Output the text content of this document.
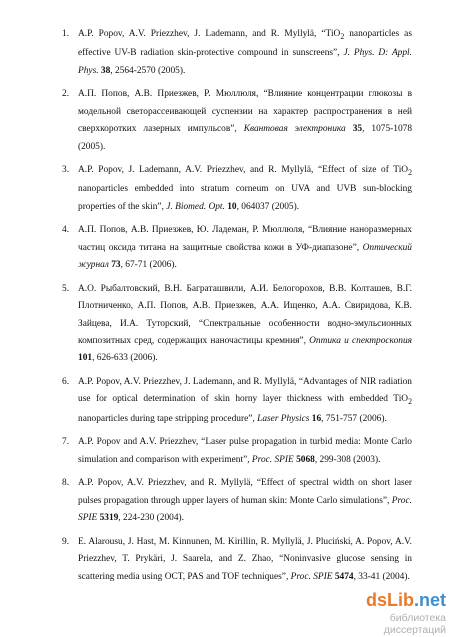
1. A.P. Popov, A.V. Priezzhev, J. Lademann, and R. Myllylä, “TiO$_2$ nanoparticles as effective UV-B radiation skin-protective compound in sunscreens”, J. Phys. D: Appl. Phys. 38, 2564-2570 (2005).
2. А.П. Попов, А.В. Приезжев, Р. Мюллюля, “Влияние концентрации глюкозы в модельной светорассеивающей суспензии на характер распространения в ней сверхкоротких лазерных импульсов”, Квантовая электроника 35, 1075-1078 (2005).
3. A.P. Popov, J. Lademann, A.V. Priezzhev, and R. Myllylä, “Effect of size of TiO$_2$ nanoparticles embedded into stratum corneum on UVA and UVB sun-blocking properties of the skin”, J. Biomed. Opt. 10, 064037 (2005).
4. А.П. Попов, А.В. Приезжев, Ю. Ладеман, Р. Мюллюля, “Влияние наноразмерных частиц оксида титана на защитные свойства кожи в УФ-диапазоне”, Оптический журнал 73, 67-71 (2006).
5. А.О. Рыбалтовский, В.Н. Баграташвили, А.И. Белогорохов, В.В. Колташев, В.Г. Плотниченко, А.П. Попов, А.В. Приезжев, А.А. Ищенко, А.А. Свиридова, К.В. Зайцева, И.А. Туторский, “Спектральные особенности водно-эмульсионных композитных сред, содержащих наночастицы кремния”, Оптика и спектроскопия 101, 626-633 (2006).
6. A.P. Popov, A.V. Priezzhev, J. Lademann, and R. Myllylä, “Advantages of NIR radiation use for optical determination of skin horny layer thickness with embedded TiO$_2$ nanoparticles during tape stripping procedure”, Laser Physics 16, 751-757 (2006).
7. A.P. Popov and A.V. Priezzhev, “Laser pulse propagation in turbid media: Monte Carlo simulation and comparison with experiment”, Proc. SPIE 5068, 299-308 (2003).
8. A.P. Popov, A.V. Priezzhev, and R. Myllylä, “Effect of spectral width on short laser pulses propagation through upper layers of human skin: Monte Carlo simulations”, Proc. SPIE 5319, 224-230 (2004).
9. E. Alarousu, J. Hast, M. Kinnunen, M. Kirillin, R. Myllylä, J. Pluciński, A. Popov, A.V. Priezzhev, T. Prykäri, J. Saarela, and Z. Zhao, “Noninvasive glucose sensing in scattering media using OCT, PAS and TOF techniques”, Proc. SPIE 5474, 33-41 (2004).
dsLib.net
библиотека диссертаций
